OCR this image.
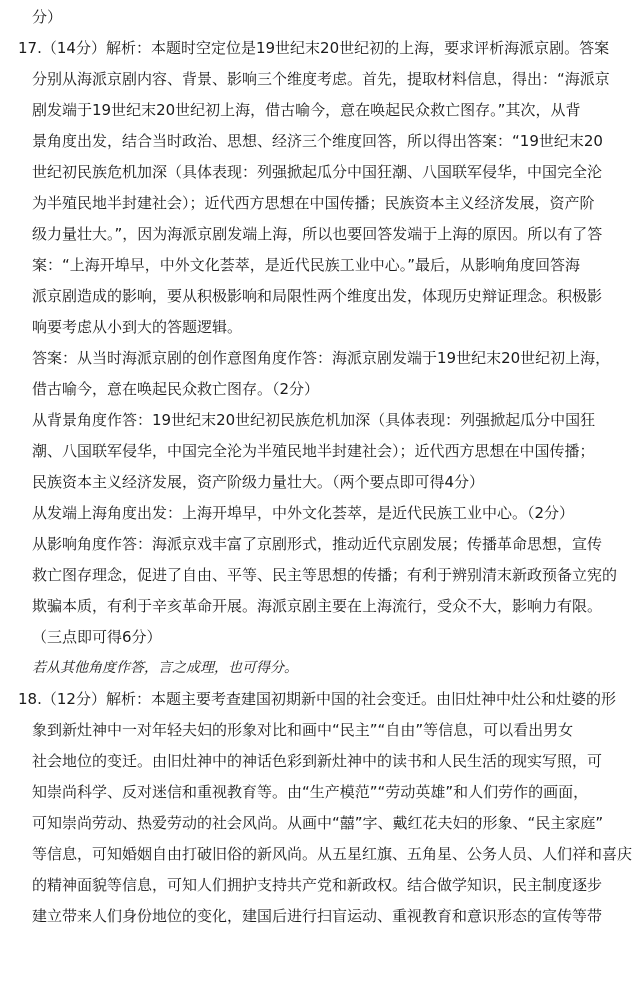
分）
17.（14分）解析：本题时空定位是19世纪末20世纪初的上海，要求评析海派京剧。答案
分别从海派京剧内容、背景、影响三个维度考虑。首先，提取材料信息，得出：“海派京
剧发端于19世纪末20世纪初上海，借古喻今，意在唤起民众救亡图存。”其次，从背
景角度出发，结合当时政治、思想、经济三个维度回答，所以得出答案：“19世纪末20
世纪初民族危机加深（具体表现：列强掀起瓜分中国狂潮、八国联军侵华，中国完全沦
为半殖民地半封建社会）；近代西方思想在中国传播；民族资本主义经济发展，资产阶
级力量壮大。”，因为海派京剧发端上海，所以也要回答发端于上海的原因。所以有了答
案：“上海开埠早，中外文化荟萃，是近代民族工业中心。”最后，从影响角度回答海
派京剧造成的影响，要从积极影响和局限性两个维度出发，体现历史辩证理念。积极影
响要考虑从小到大的答题逻辑。
答案：从当时海派京剧的创作意图角度作答：海派京剧发端于19世纪末20世纪初上海，
借古喻今，意在唤起民众救亡图存。（2分）
从背景角度作答：19世纪末20世纪初民族危机加深（具体表现：列强掀起瓜分中国狂
潮、八国联军侵华，中国完全沦为半殖民地半封建社会）；近代西方思想在中国传播；
民族资本主义经济发展，资产阶级力量壮大。（两个要点即可得4分）
从发端上海角度出发：上海开埠早，中外文化荟萃，是近代民族工业中心。（2分）
从影响角度作答：海派京戏丰富了京剧形式，推动近代京剧发展；传播革命思想，宣传
救亡图存理念，促进了自由、平等、民主等思想的传播；有利于辨别清末新政预备立宪的
欺骗本质，有利于辛亥革命开展。海派京剧主要在上海流行，受众不大，影响力有限。
（三点即可得6分）
若从其他角度作答，言之成理，也可得分。
18.（12分）解析：本题主要考查建国初期新中国的社会变迁。由旧灶神中灶公和灶婆的形
象到新灶神中一对年轻夫妇的形象对比和画中“民主”“自由”等信息，可以看出男女
社会地位的变迁。由旧灶神中的神话色彩到新灶神中的读书和人民生活的现实写照，可
知崇尚科学、反对迷信和重视教育等。由“生产模范”“劳动英雄”和人们劳作的画面，
可知崇尚劳动、热爱劳动的社会风尚。从画中“囍”字、戴红花夫妇的形象、“民主家庭”
等信息，可知婚姻自由打破旧俗的新风尚。从五星红旗、五角星、公务人员、人们祥和喜庆
的精神面貌等信息，可知人们拥护支持共产党和新政权。结合做学知识，民主制度逐步
建立带来人们身份地位的变化，建国后进行扫盲运动、重视教育和意识形态的宣传等带
